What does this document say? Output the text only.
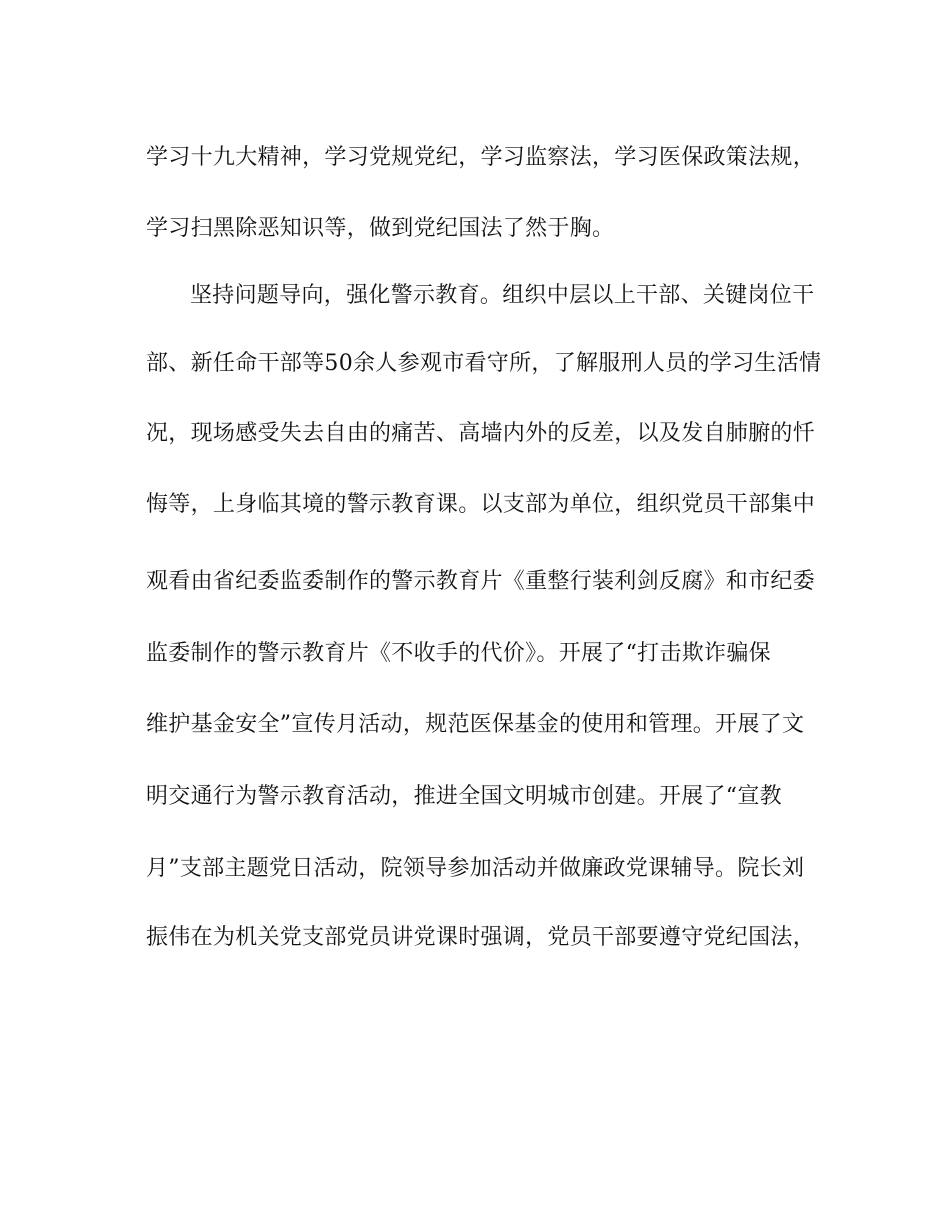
学习十九大精神，学习党规党纪，学习监察法，学习医保政策法规，
学习扫黑除恶知识等，做到党纪国法了然于胸。
坚持问题导向，强化警示教育。组织中层以上干部、关键岗位干
部、新任命干部等50余人参观市看守所，了解服刑人员的学习生活情
况，现场感受失去自由的痛苦、高墙内外的反差，以及发自肺腑的忏
悔等，上身临其境的警示教育课。以支部为单位，组织党员干部集中
观看由省纪委监委制作的警示教育片《重整行装利剑反腐》和市纪委
监委制作的警示教育片《不收手的代价》。开展了“打击欺诈骗保
维护基金安全”宣传月活动，规范医保基金的使用和管理。开展了文
明交通行为警示教育活动，推进全国文明城市创建。开展了“宣教
月”支部主题党日活动，院领导参加活动并做廉政党课辅导。院长刘
振伟在为机关党支部党员讲党课时强调，党员干部要遵守党纪国法，
